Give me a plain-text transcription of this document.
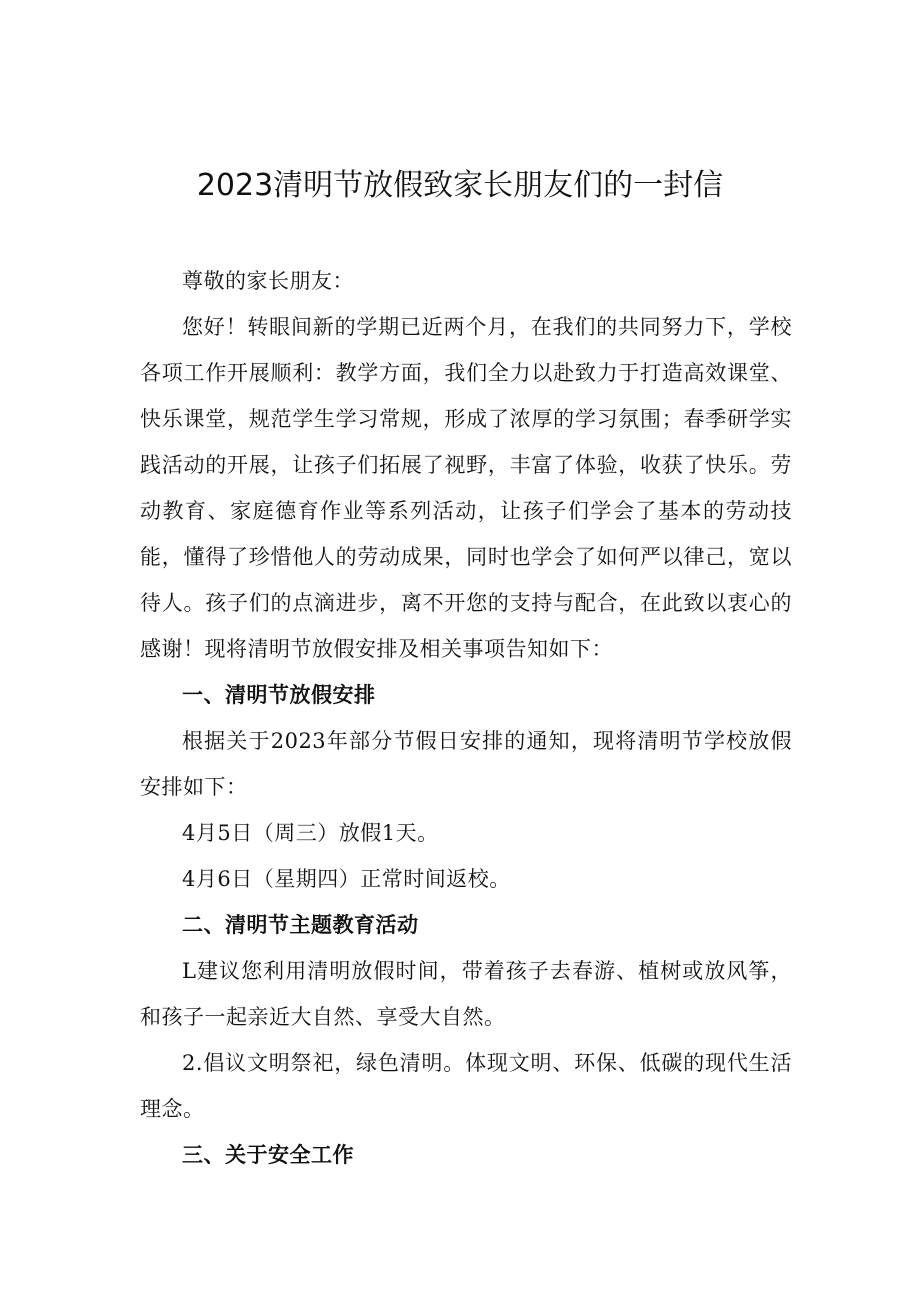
2023清明节放假致家长朋友们的一封信

尊敬的家长朋友：

您好！转眼间新的学期已近两个月，在我们的共同努力下，学校各项工作开展顺利：教学方面，我们全力以赴致力于打造高效课堂、快乐课堂，规范学生学习常规，形成了浓厚的学习氛围；春季研学实践活动的开展，让孩子们拓展了视野，丰富了体验，收获了快乐。劳动教育、家庭德育作业等系列活动，让孩子们学会了基本的劳动技能，懂得了珍惜他人的劳动成果，同时也学会了如何严以律己，宽以待人。孩子们的点滴进步，离不开您的支持与配合，在此致以衷心的感谢！现将清明节放假安排及相关事项告知如下：

一、清明节放假安排

根据关于2023年部分节假日安排的通知，现将清明节学校放假安排如下：

4月5日（周三）放假1天。

4月6日（星期四）正常时间返校。

二、清明节主题教育活动

L建议您利用清明放假时间，带着孩子去春游、植树或放风筝，和孩子一起亲近大自然、享受大自然。

2.倡议文明祭祀，绿色清明。体现文明、环保、低碳的现代生活理念。

三、关于安全工作
